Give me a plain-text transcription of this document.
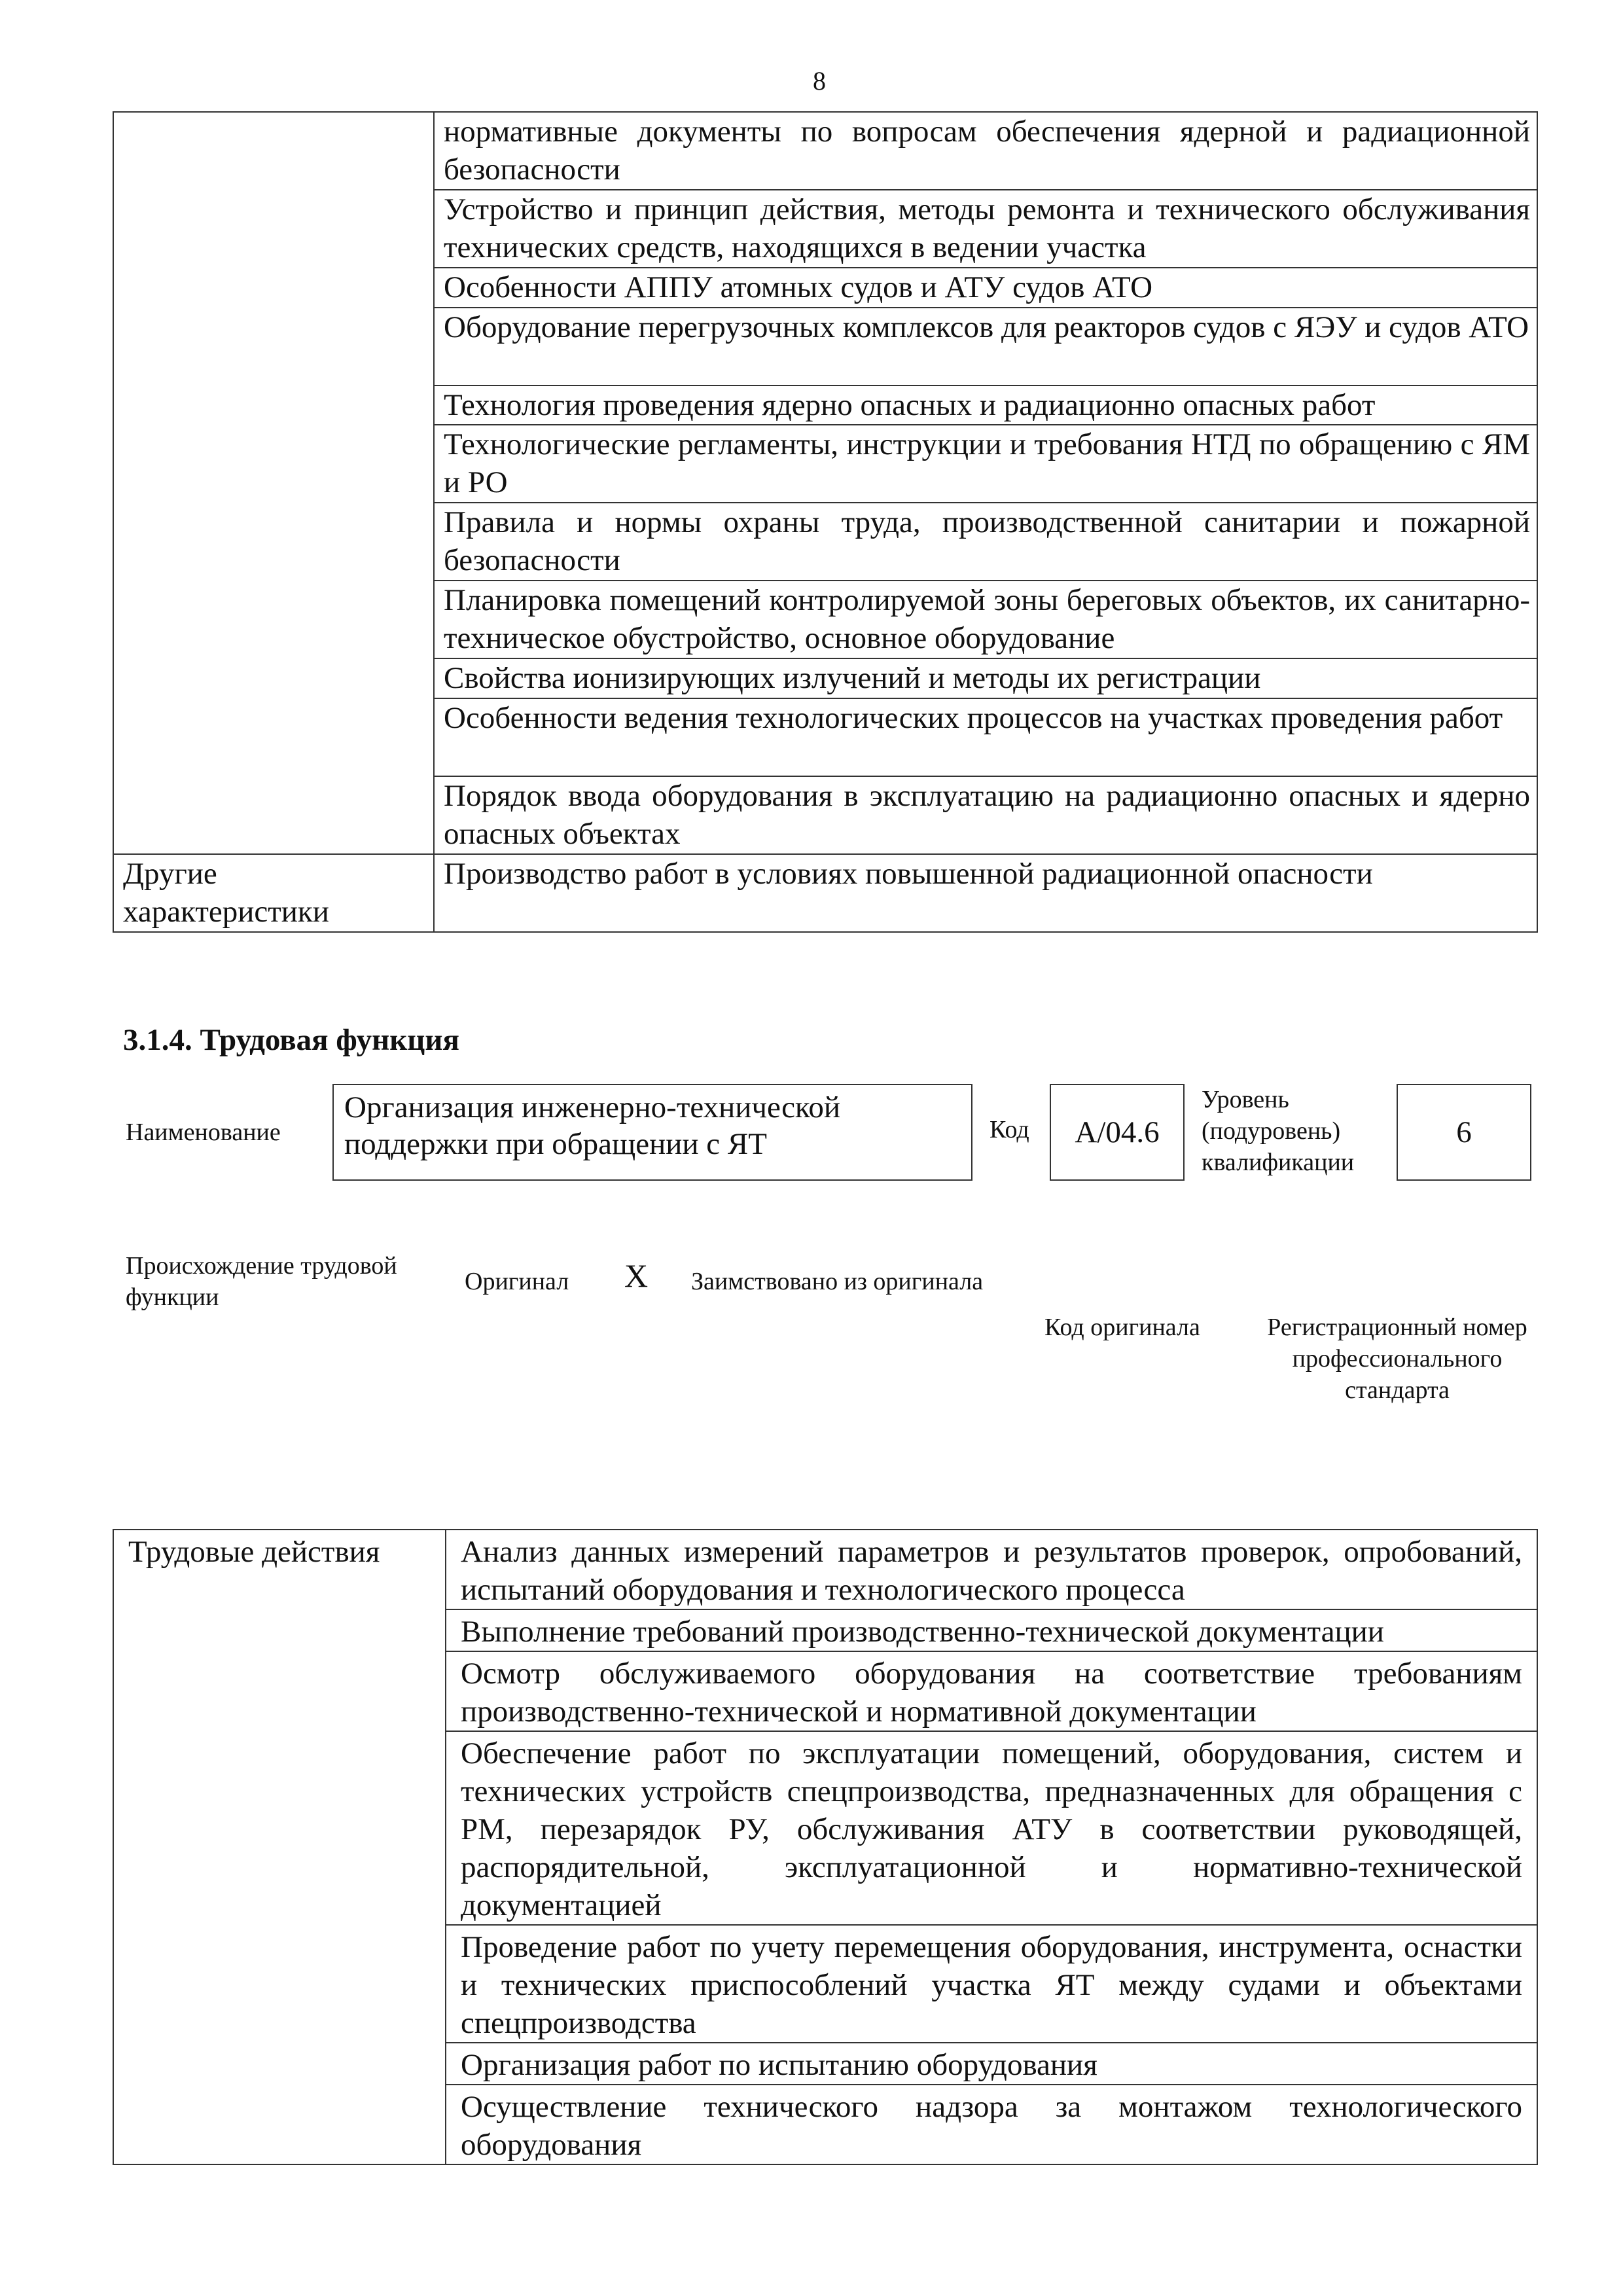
8
	нормативные документы по вопросам обеспечения ядерной и радиационной безопасности
	Устройство и принцип действия, методы ремонта и технического обслуживания технических средств, находящихся в ведении участка
	Особенности АППУ атомных судов и АТУ судов АТО
	Оборудование перегрузочных комплексов для реакторов судов с ЯЭУ и судов АТО
	Технология проведения ядерно опасных и радиационно опасных работ
	Технологические регламенты, инструкции и требования НТД по обращению с ЯМ и РО
	Правила и нормы охраны труда, производственной санитарии и пожарной безопасности
	Планировка помещений контролируемой зоны береговых объектов, их санитарно-техническое обустройство, основное оборудование
	Свойства ионизирующих излучений и методы их регистрации
	Особенности ведения технологических процессов на участках проведения работ
	Порядок ввода оборудования в эксплуатацию на радиационно опасных и ядерно опасных объектах
Другие характеристики	Производство работ в условиях повышенной радиационной опасности
3.1.4. Трудовая функция
Наименование
Организация инженерно-технической поддержки при обращении с ЯТ	Код	А/04.6
Уровень (подуровень) квалификации
6
Происхождение трудовой функции
Оригинал X Заимствовано из оригинала
Код оригинала	Регистрационный номер профессионального стандарта
Трудовые действия	Анализ данных измерений параметров и результатов проверок, опробований, испытаний оборудования и технологического процесса
Выполнение требований производственно-технической документации
Осмотр обслуживаемого оборудования на соответствие требованиям производственно-технической и нормативной документации
Обеспечение работ по эксплуатации помещений, оборудования, систем и технических устройств спецпроизводства, предназначенных для обращения с РМ, перезарядок РУ, обслуживания АТУ в соответствии руководящей, распорядительной, эксплуатационной и нормативно-технической документацией
Проведение работ по учету перемещения оборудования, инструмента, оснастки и технических приспособлений участка ЯТ между судами и объектами спецпроизводства
Организация работ по испытанию оборудования
Осуществление технического надзора за монтажом технологического оборудования
